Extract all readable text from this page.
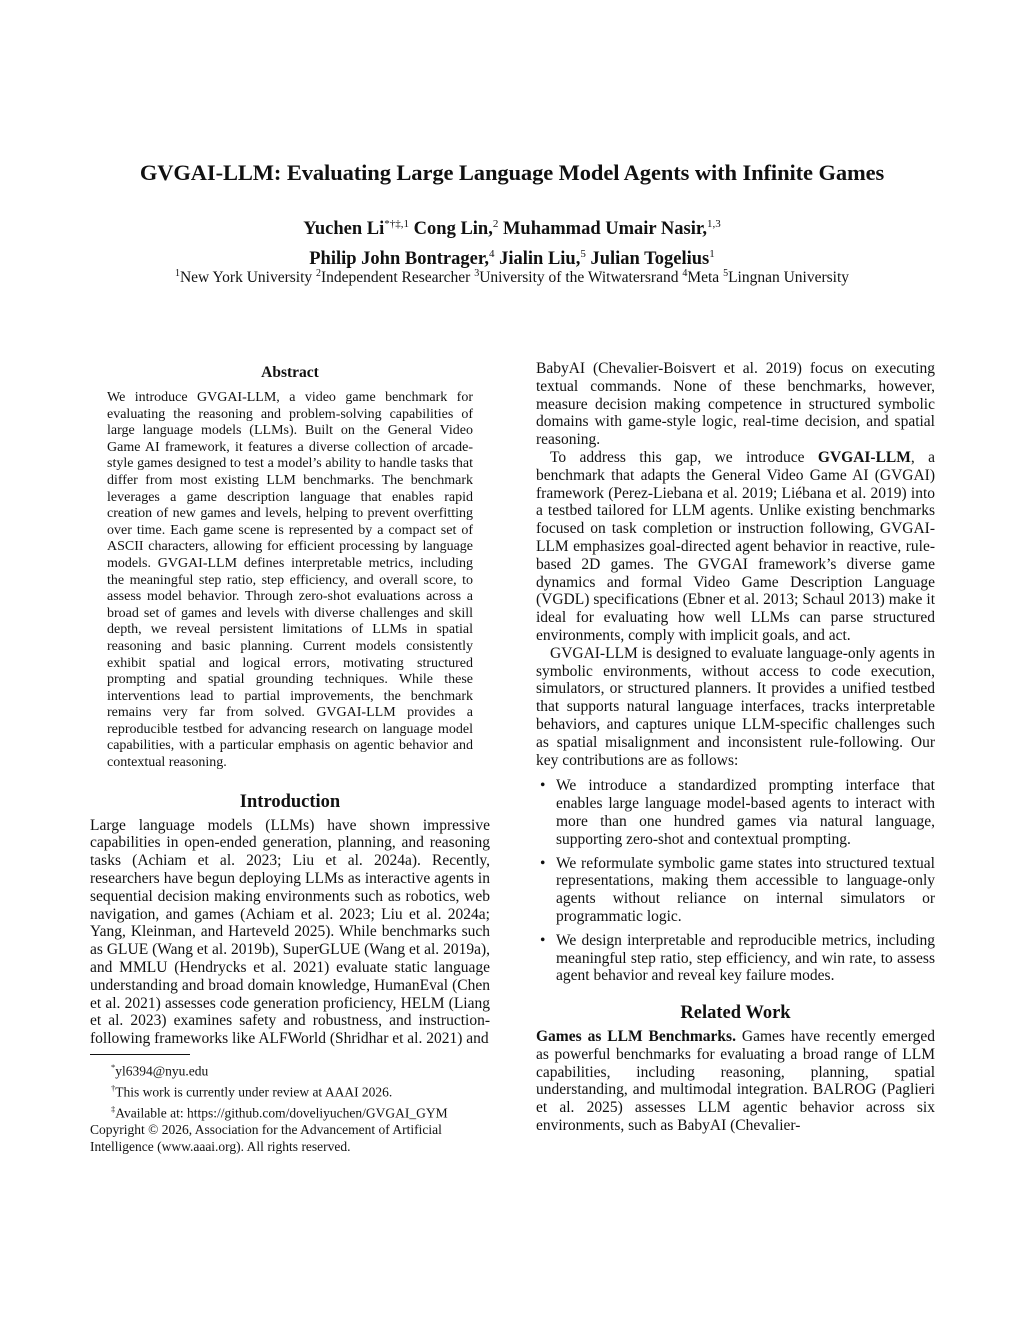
GVGAI-LLM: Evaluating Large Language Model Agents with Infinite Games
Yuchen $Li^{*\dagger\ddagger,1}$ Cong Lin,$^2$ Muhammad Umair Nasir,$^{1,3}$
Philip John Bontrager,$^4$ Jialin Liu,$^5$ Julian Togelius$^1$
$^1$New York University $^2$Independent Researcher $^3$University of the Witwatersrand $^4$Meta $^5$Lingnan University
Abstract

We introduce GVGAI-LLM, a video game benchmark for evaluating the reasoning and problem-solving capabilities of large language models (LLMs). Built on the General Video Game AI framework, it features a diverse collection of arcade-style games designed to test a model’s ability to handle tasks that differ from most existing LLM benchmarks. The benchmark leverages a game description language that enables rapid creation of new games and levels, helping to prevent overfitting over time. Each game scene is represented by a compact set of ASCII characters, allowing for efficient processing by language models. GVGAI-LLM defines interpretable metrics, including the meaningful step ratio, step efficiency, and overall score, to assess model behavior. Through zero-shot evaluations across a broad set of games and levels with diverse challenges and skill depth, we reveal persistent limitations of LLMs in spatial reasoning and basic planning. Current models consistently exhibit spatial and logical errors, motivating structured prompting and spatial grounding techniques. While these interventions lead to partial improvements, the benchmark remains very far from solved. GVGAI-LLM provides a reproducible testbed for advancing research on language model capabilities, with a particular emphasis on agentic behavior and contextual reasoning.

Introduction

Large language models (LLMs) have shown impressive capabilities in open-ended generation, planning, and reasoning tasks (Achiam et al. 2023; Liu et al. 2024a). Recently, researchers have begun deploying LLMs as interactive agents in sequential decision making environments such as robotics, web navigation, and games (Achiam et al. 2023; Liu et al. 2024a; Yang, Kleinman, and Harteveld 2025). While benchmarks such as GLUE (Wang et al. 2019b), SuperGLUE (Wang et al. 2019a), and MMLU (Hendrycks et al. 2021) evaluate static language understanding and broad domain knowledge, HumanEval (Chen et al. 2021) assesses code generation proficiency, HELM (Liang et al. 2023) examines safety and robustness, and instruction-following frameworks like ALFWorld (Shridhar et al. 2021) and

*yl6394@nyu.edu

†This work is currently under review at AAAI 2026.

‡Available at: https://github.com/doveliyuchen/GVGAI_GYM

Copyright © 2026, Association for the Advancement of Artificial Intelligence (www.aaai.org). All rights reserved.

BabyAI (Chevalier-Boisvert et al. 2019) focus on executing textual commands. None of these benchmarks, however, measure decision making competence in structured symbolic domains with game-style logic, real-time decision, and spatial reasoning.

To address this gap, we introduce GVGAI-LLM, a benchmark that adapts the General Video Game AI (GVGAI) framework (Perez-Liebana et al. 2019; Liébana et al. 2019) into a testbed tailored for LLM agents. Unlike existing benchmarks focused on task completion or instruction following, GVGAI-LLM emphasizes goal-directed agent behavior in reactive, rule-based 2D games. The GVGAI framework’s diverse game dynamics and formal Video Game Description Language (VGDL) specifications (Ebner et al. 2013; Schaul 2013) make it ideal for evaluating how well LLMs can parse structured environments, comply with implicit goals, and act.

GVGAI-LLM is designed to evaluate language-only agents in symbolic environments, without access to code execution, simulators, or structured planners. It provides a unified testbed that supports natural language interfaces, tracks interpretable behaviors, and captures unique LLM-specific challenges such as spatial misalignment and inconsistent rule-following. Our key contributions are as follows:

• We introduce a standardized prompting interface that enables large language model-based agents to interact with more than one hundred games via natural language, supporting zero-shot and contextual prompting.
• We reformulate symbolic game states into structured textual representations, making them accessible to language-only agents without reliance on internal simulators or programmatic logic.
• We design interpretable and reproducible metrics, including meaningful step ratio, step efficiency, and win rate, to assess agent behavior and reveal key failure modes.
Related Work

Games as LLM Benchmarks. Games have recently emerged as powerful benchmarks for evaluating a broad range of LLM capabilities, including reasoning, planning, spatial understanding, and multimodal integration. BALROG (Paglieri et al. 2025) assesses LLM agentic behavior across six environments, such as BabyAI (Chevalier-
